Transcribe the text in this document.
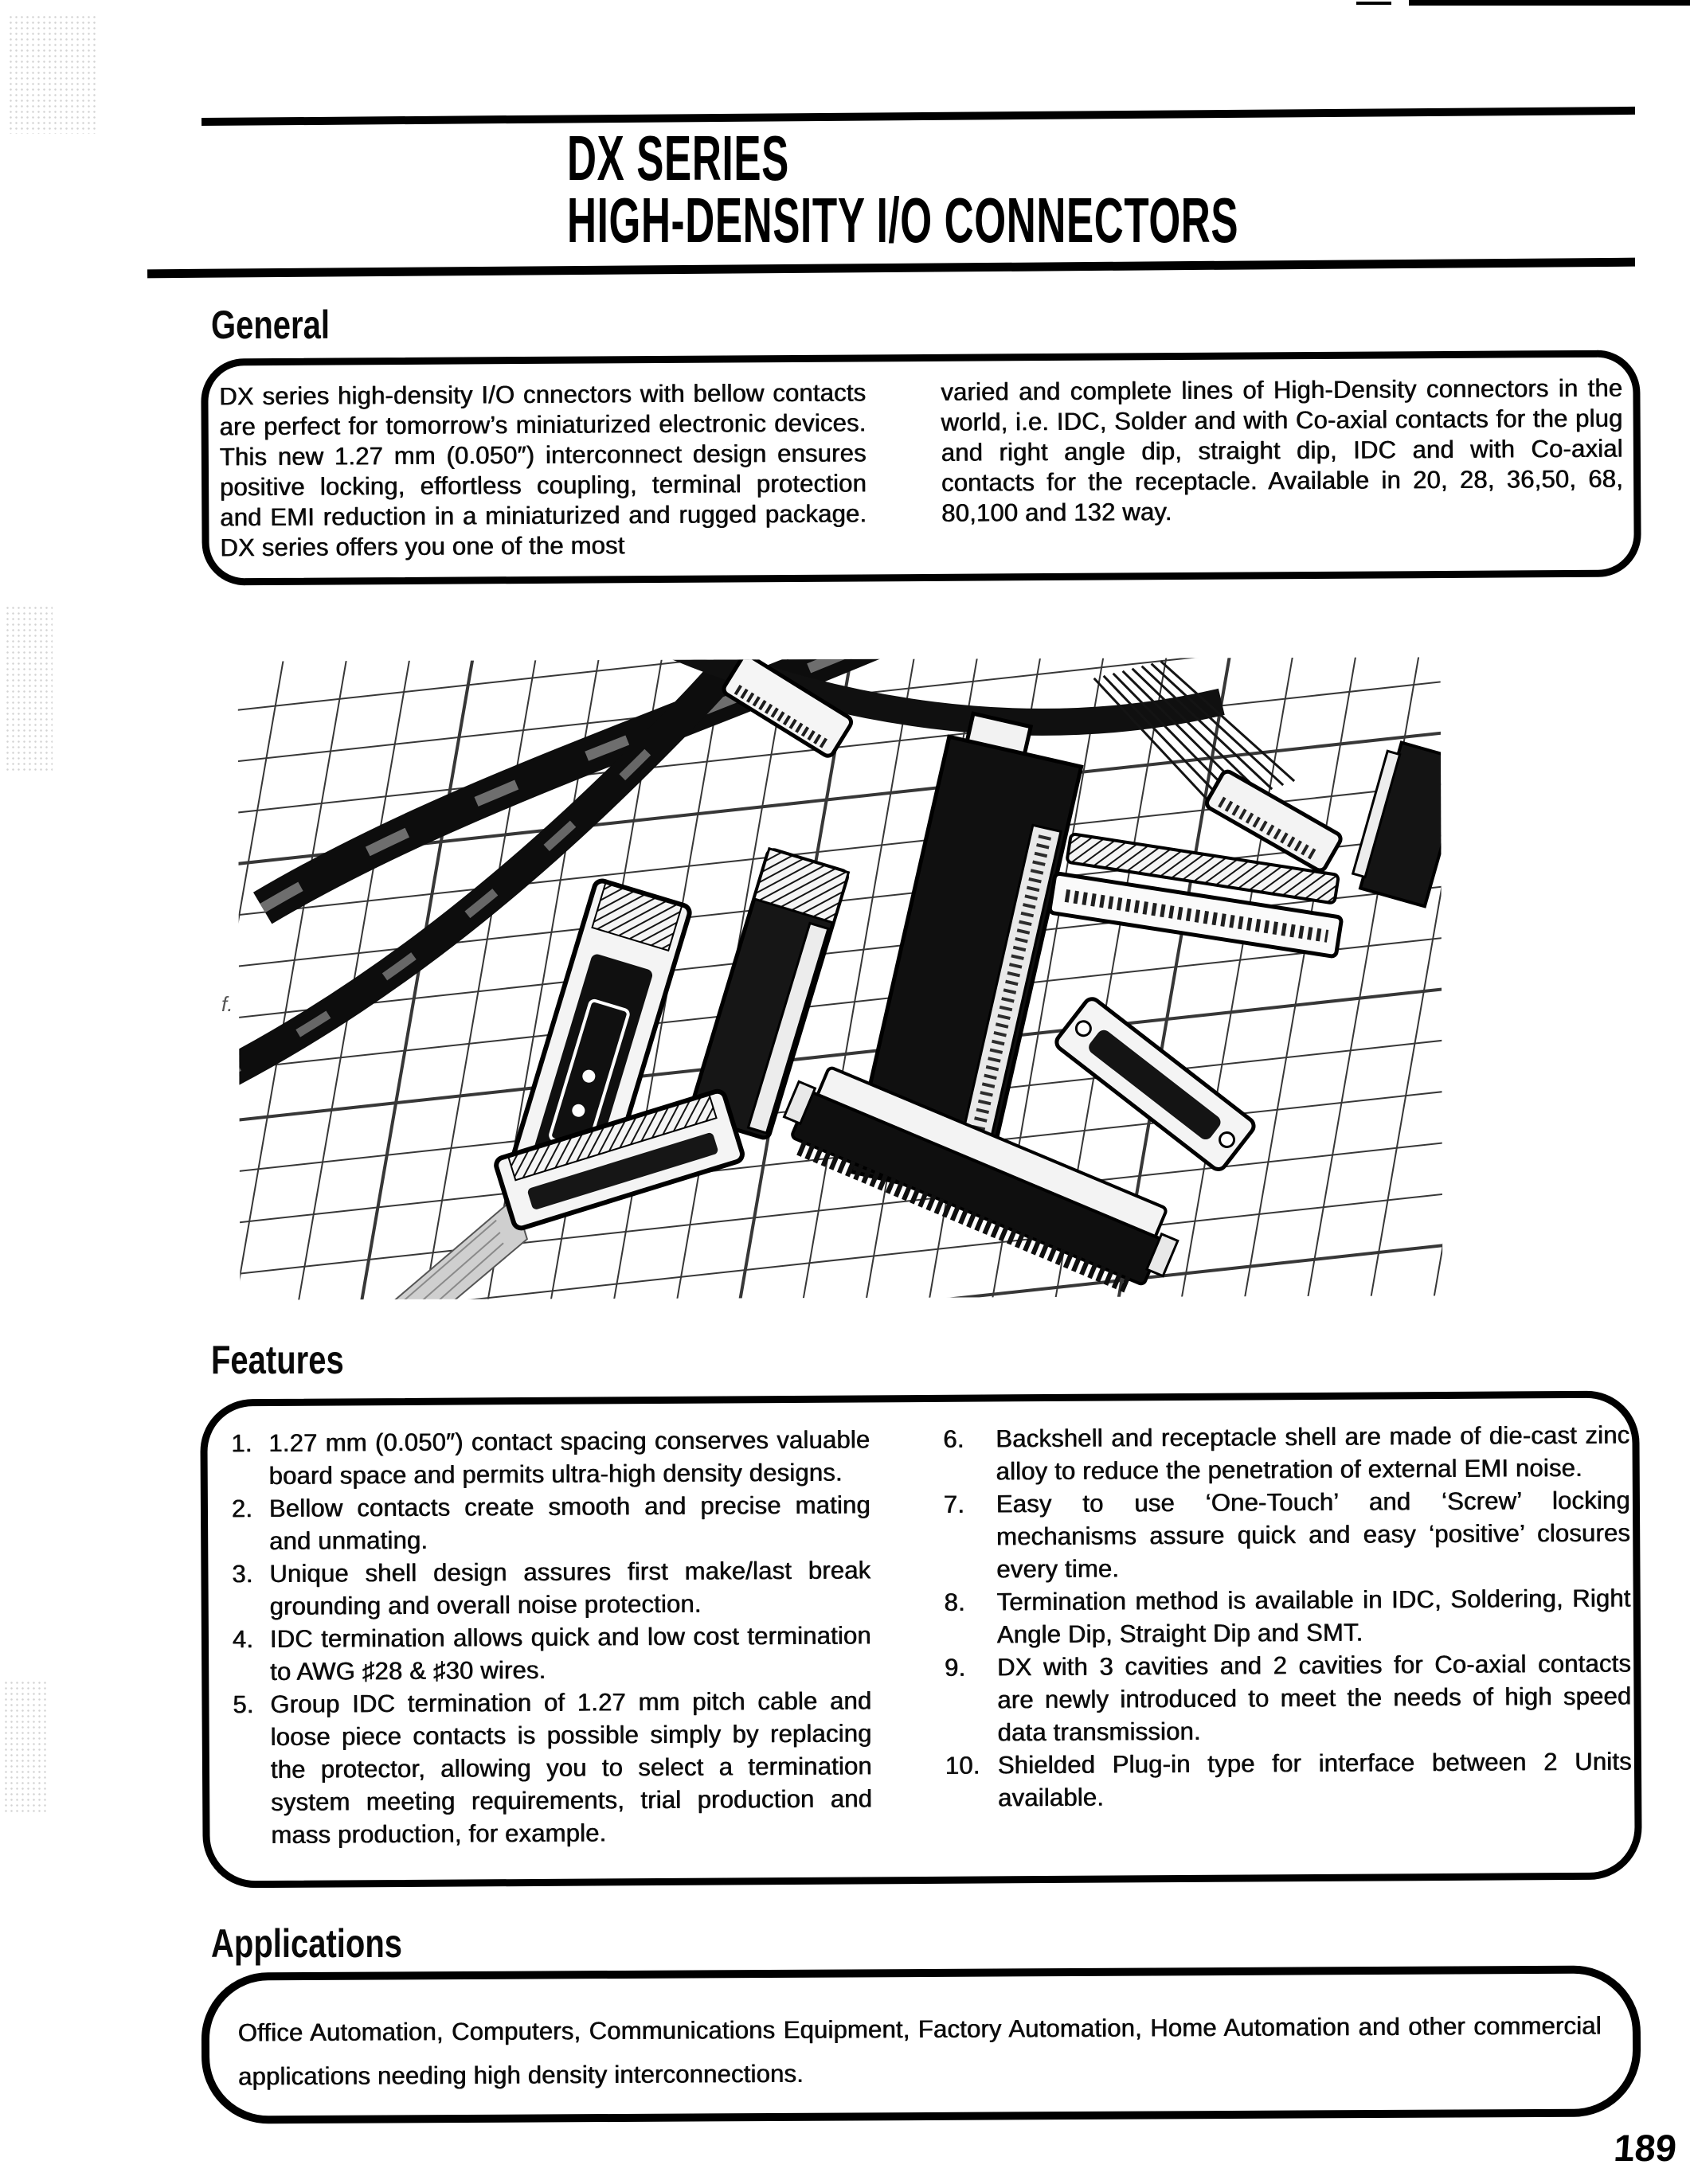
f.
DX SERIES
HIGH-DENSITY I/O CONNECTORS
General
DX series high-density I/O cnnectors with bellow contacts are perfect for tomorrow’s miniaturized electronic devices. This new 1.27 mm (0.050″) interconnect design ensures positive locking, effortless coupling, terminal protection and EMI reduction in a miniaturized and rugged package. DX series offers you one of the most
varied and complete lines of High-Density connectors in the world, i.e. IDC, Solder and with Co-axial contacts for the plug and right angle dip, straight dip, IDC and with Co-axial contacts for the receptacle. Available in 20, 28, 36,50, 68, 80,100 and 132 way.
Features
1. 1.27 mm (0.050″) contact spacing conserves valuable board space and permits ultra-high density designs.
2. Bellow contacts create smooth and precise mating and unmating.
3. Unique shell design assures first make/last break grounding and overall noise protection.
4. IDC termination allows quick and low cost termination to AWG ♯28 & ♯30 wires.
5. Group IDC termination of 1.27 mm pitch cable and loose piece contacts is possible simply by replacing the protector, allowing you to select a termination system meeting requirements, trial production and mass production, for example.
6.	Backshell and receptacle shell are made of die-cast zinc alloy to reduce the penetration of external EMI noise.
7.	Easy to use ‘One-Touch’ and ‘Screw’ locking mechanisms assure quick and easy ‘positive’ closures every time.
8.	Termination method is available in IDC, Soldering, Right Angle Dip, Straight Dip and SMT.
9.	DX with 3 cavities and 2 cavities for Co-axial contacts are newly introduced to meet the needs of high speed data transmission.
10. Shielded Plug-in type for interface between 2 Units available.
Applications
Office Automation, Computers, Communications Equipment, Factory Automation, Home Automation and other commercial applications needing high density interconnections.
189
